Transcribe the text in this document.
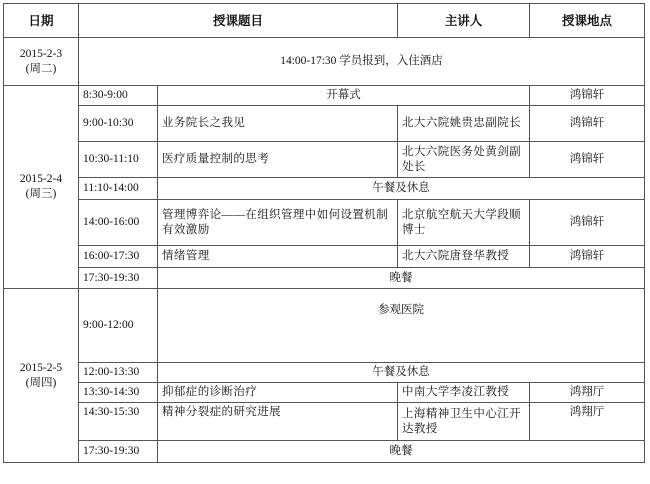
日期	授课题目		主讲人	授课地点

2015-2-3
(周二)	14:00-17:30 学员报到，入住酒店			

2015-2-4
(周三)	8:30-9:00	开幕式		鸿锦轩
	9:00-10:30	业务院长之我见	北大六院姚贵忠副院长	鸿锦轩
	10:30-11:10	医疗质量控制的思考	北大六院医务处黄剑副处长	鸿锦轩
	11:10-14:00	午餐及休息		
	14:00-16:00	管理博弈论——在组织管理中如何设置机制有效激励	北京航空航天大学段顺博士	鸿锦轩
	16:00-17:30	情绪管理	北大六院唐登华教授	鸿锦轩
	17:30-19:30	晚餐		

2015-2-5
(周四)	9:00-12:00	参观医院		
	12:00-13:30	午餐及休息		
	13:30-14:30	抑郁症的诊断治疗	中南大学李凌江教授	鸿翔厅
	14:30-15:30	精神分裂症的研究进展	上海精神卫生中心江开达教授	鸿翔厅
	17:30-19:30	晚餐		
